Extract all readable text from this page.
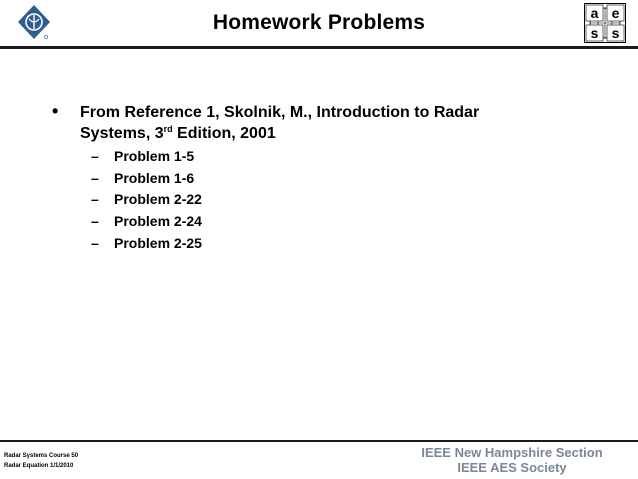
Homework Problems	a e
s s
• From Reference 1, Skolnik, M., Introduction to Radar
Systems, 3rd Edition, 2001
– Problem 1-5
– Problem 1-6
– Problem 2-22
– Problem 2-24
– Problem 2-25
Radar Systems Course 50
Radar Equation 1/1/2010
IEEE New Hampshire Section
IEEE AES Society
